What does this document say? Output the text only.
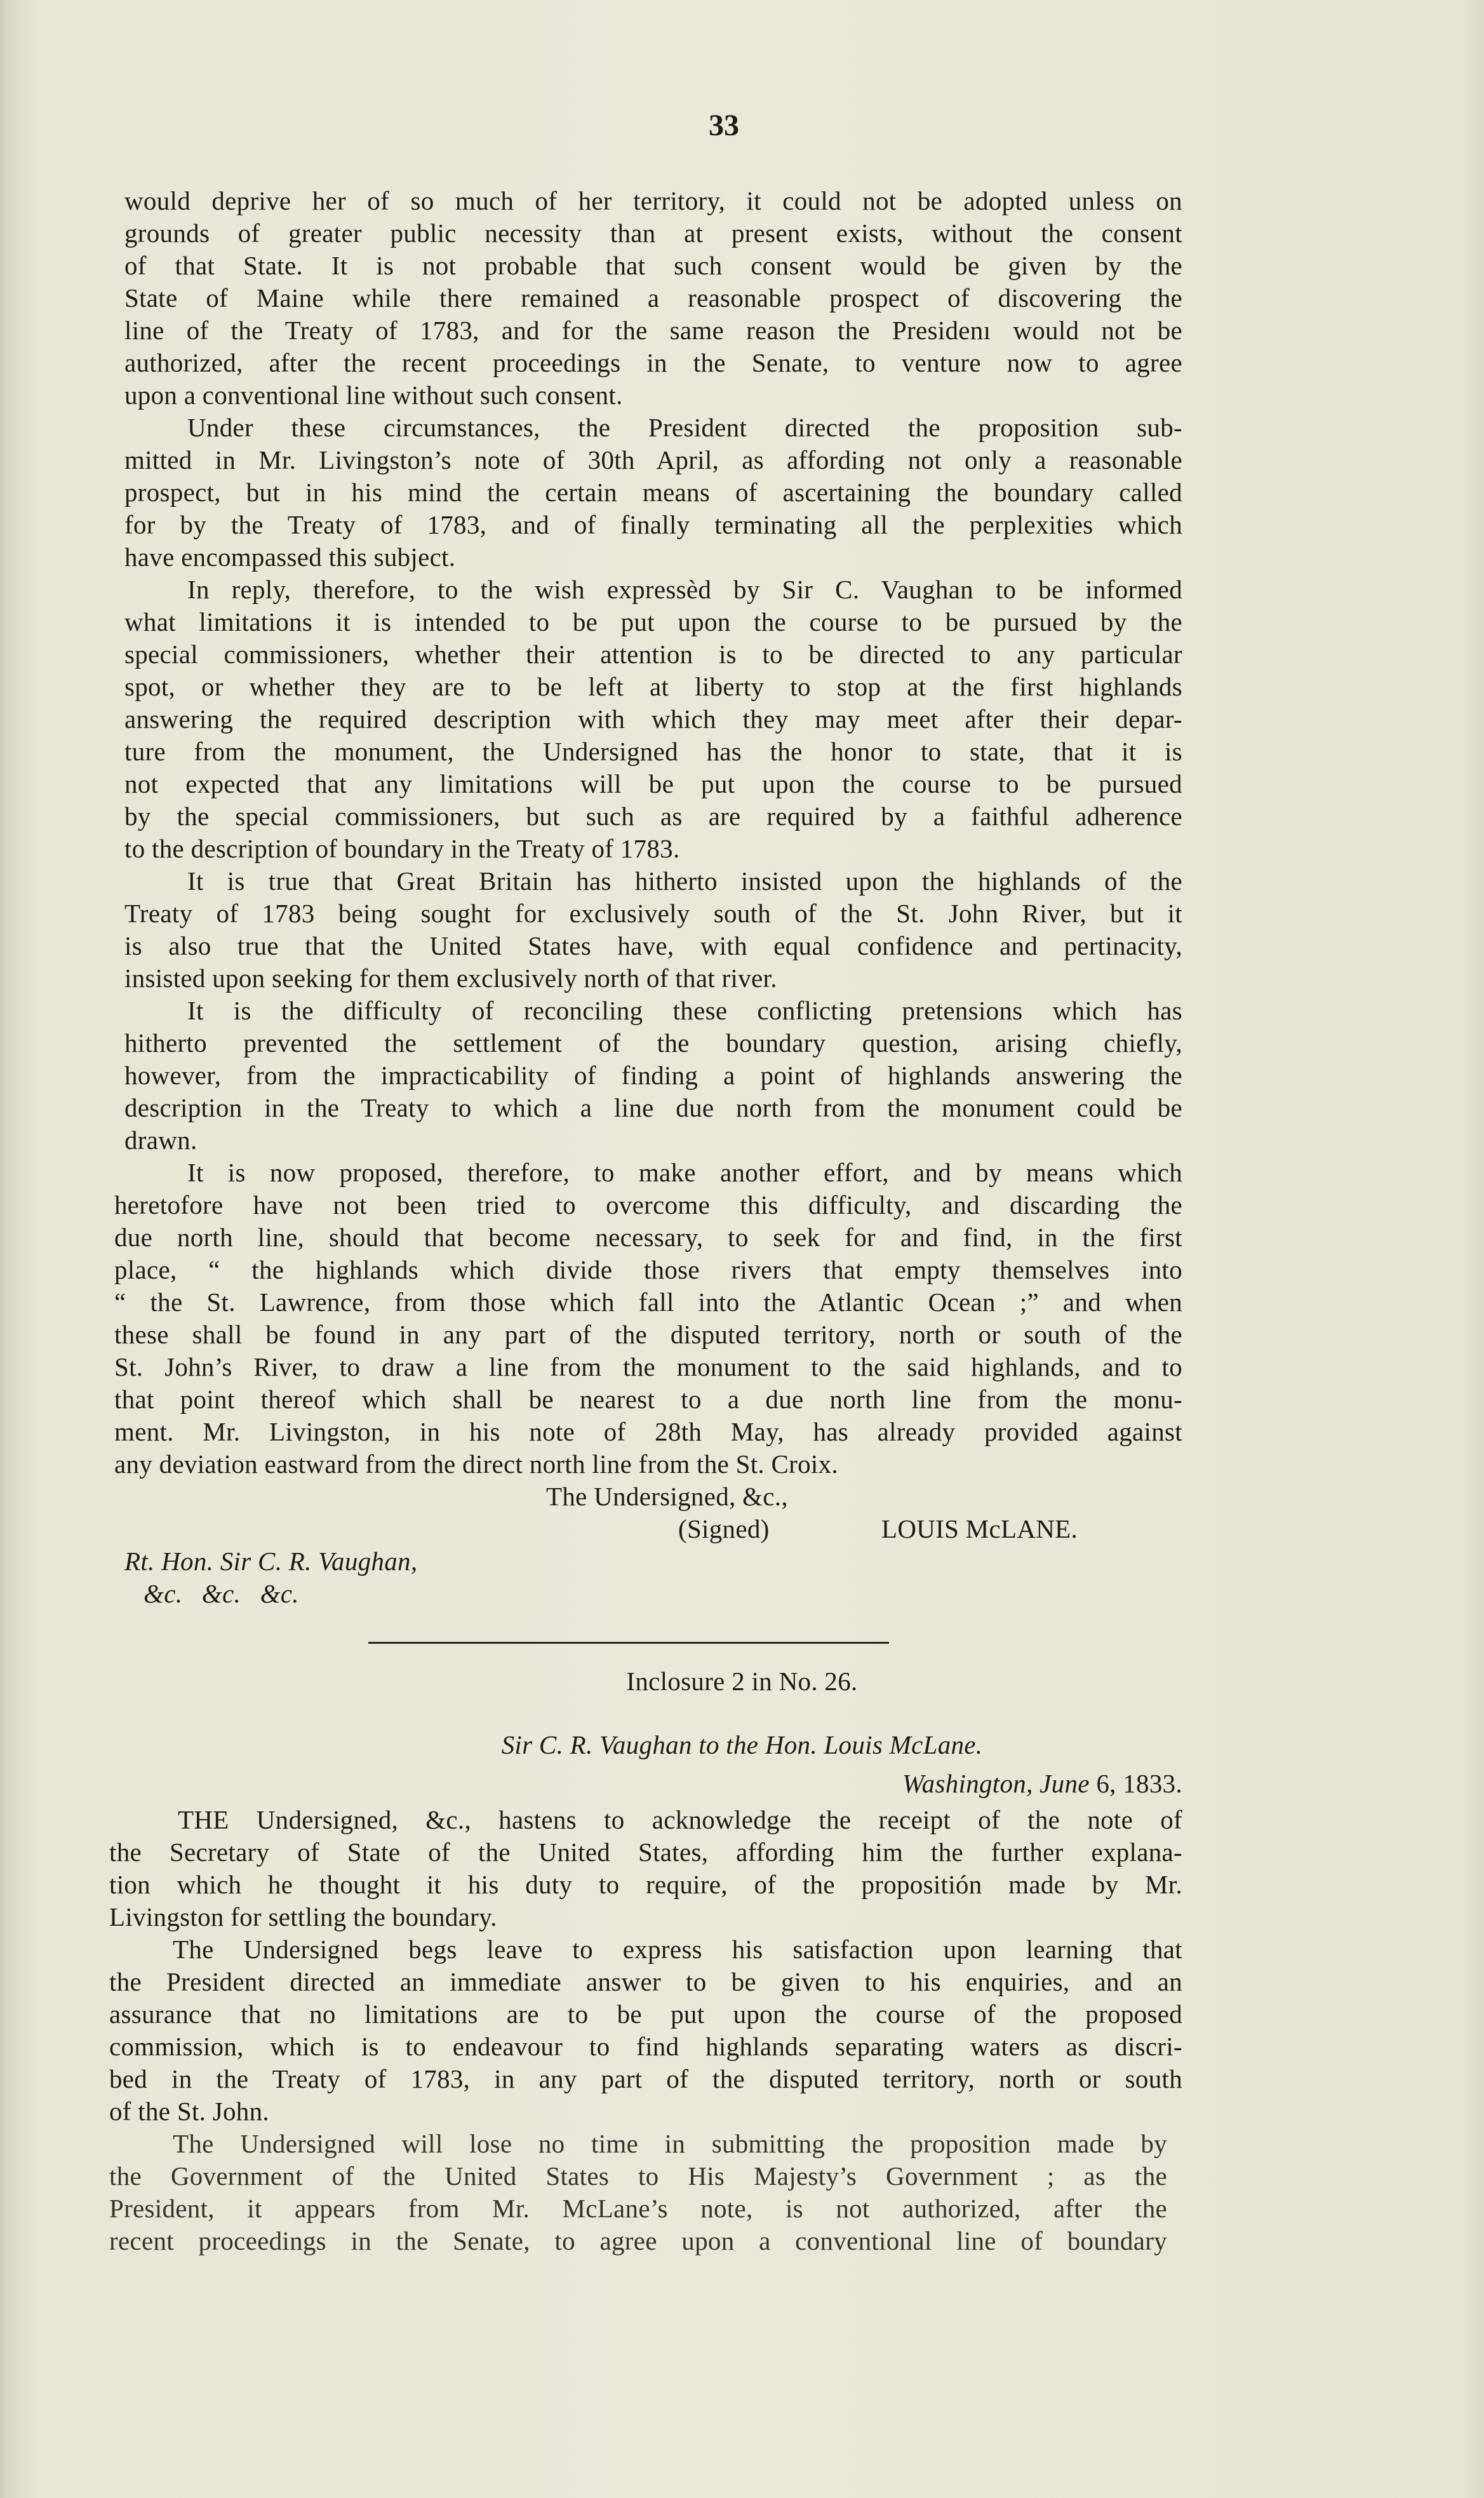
33
would deprive her of so much of her territory, it could not be adopted unless on
grounds of greater public necessity than at present exists, without the consent
of that State. It is not probable that such consent would be given by the
State of Maine while there remained a reasonable prospect of discovering the
line of the Treaty of 1783, and for the same reason the Presidenı would not be
authorized, after the recent proceedings in the Senate, to venture now to agree
upon a conventional line without such consent.
Under these circumstances, the President directed the proposition sub-
mitted in Mr. Livingston’s note of 30th April, as affording not only a reasonable
prospect, but in his mind the certain means of ascertaining the boundary called
for by the Treaty of 1783, and of finally terminating all the perplexities which
have encompassed this subject.
In reply, therefore, to the wish expressèd by Sir C. Vaughan to be informed
what limitations it is intended to be put upon the course to be pursued by the
special commissioners, whether their attention is to be directed to any particular
spot, or whether they are to be left at liberty to stop at the first highlands
answering the required description with which they may meet after their depar-
ture from the monument, the Undersigned has the honor to state, that it is
not expected that any limitations will be put upon the course to be pursued
by the special commissioners, but such as are required by a faithful adherence
to the description of boundary in the Treaty of 1783.
It is true that Great Britain has hitherto insisted upon the highlands of the
Treaty of 1783 being sought for exclusively south of the St. John River, but it
is also true that the United States have, with equal confidence and pertinacity,
insisted upon seeking for them exclusively north of that river.
It is the difficulty of reconciling these conflicting pretensions which has
hitherto prevented the settlement of the boundary question, arising chiefly,
however, from the impracticability of finding a point of highlands answering the
description in the Treaty to which a line due north from the monument could be
drawn.
It is now proposed, therefore, to make another effort, and by means which
heretofore have not been tried to overcome this difficulty, and discarding the
due north line, should that become necessary, to seek for and find, in the first
place, “ the highlands which divide those rivers that empty themselves into
“ the St. Lawrence, from those which fall into the Atlantic Ocean ;” and when
these shall be found in any part of the disputed territory, north or south of the
St. John’s River, to draw a line from the monument to the said highlands, and to
that point thereof which shall be nearest to a due north line from the monu-
ment. Mr. Livingston, in his note of 28th May, has already provided against
any deviation eastward from the direct north line from the St. Croix.
The Undersigned, &c.,
(Signed)	LOUIS McLANE.
Rt. Hon. Sir C. R. Vaughan,
&c. &c. &c.
Inclosure 2 in No. 26.
Sir C. R. Vaughan to the Hon. Louis McLane.
Washington, June 6, 1833.
THE Undersigned, &c., hastens to acknowledge the receipt of the note of
the Secretary of State of the United States, affording him the further explana-
tion which he thought it his duty to require, of the propositión made by Mr.
Livingston for settling the boundary.
The Undersigned begs leave to express his satisfaction upon learning that
the President directed an immediate answer to be given to his enquiries, and an
assurance that no limitations are to be put upon the course of the proposed
commission, which is to endeavour to find highlands separating waters as discri-
bed in the Treaty of 1783, in any part of the disputed territory, north or south
of the St. John.
The Undersigned will lose no time in submitting the proposition made by
the Government of the United States to His Majesty’s Government ; as the
President, it appears from Mr. McLane’s note, is not authorized, after the
recent proceedings in the Senate, to agree upon a conventional line of boundary
